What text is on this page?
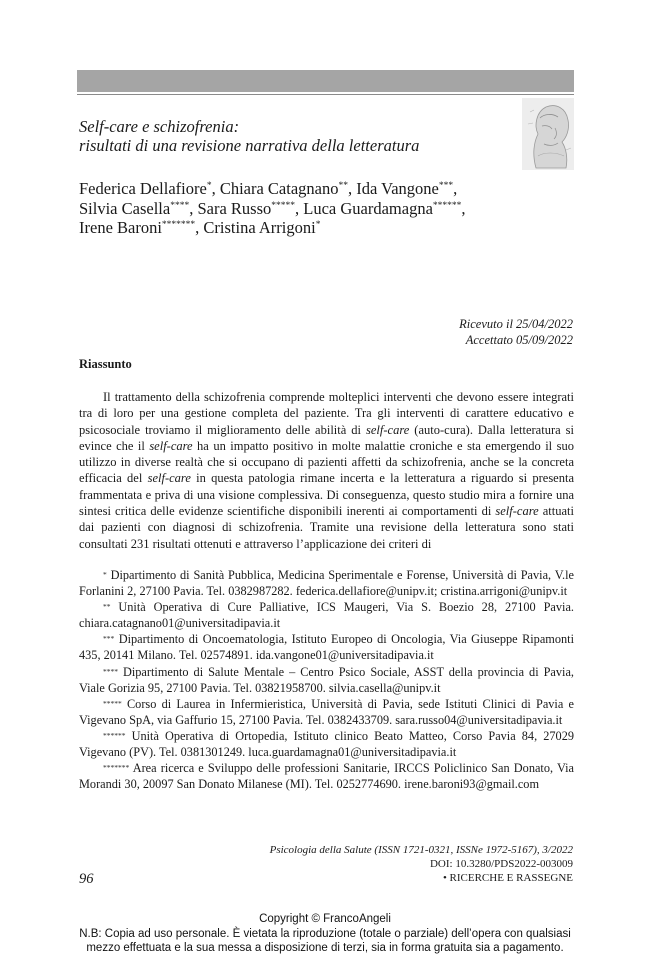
Self-care e schizofrenia:
risultati di una revisione narrativa della letteratura
Federica Dellafiore*, Chiara Catagnano**, Ida Vangone***,
Silvia Casella****, Sara Russo*****, Luca Guardamagna******,
Irene Baroni*******, Cristina Arrigoni*
Ricevuto il 25/04/2022
Accettato 05/09/2022
Riassunto
Il trattamento della schizofrenia comprende molteplici interventi che devono essere integrati tra di loro per una gestione completa del paziente. Tra gli interventi di carattere educativo e psicosociale troviamo il miglioramento delle abilità di self-care (auto-cura). Dalla letteratura si evince che il self-care ha un impatto positivo in molte malattie croniche e sta emergendo il suo utilizzo in diverse realtà che si occupano di pazienti affetti da schizofrenia, anche se la concreta efficacia del self-care in questa patologia rimane incerta e la letteratura a riguardo si presenta frammentata e priva di una visione complessiva. Di conseguenza, questo studio mira a fornire una sintesi critica delle evidenze scientifiche disponibili inerenti ai comportamenti di self-care attuati dai pazienti con diagnosi di schizofrenia. Tramite una revisione della letteratura sono stati consultati 231 risultati ottenuti e attraverso l’applicazione dei criteri di

* Dipartimento di Sanità Pubblica, Medicina Sperimentale e Forense, Università di Pavia, V.le Forlanini 2, 27100 Pavia. Tel. 0382987282. federica.dellafiore@unipv.it; cristina.arrigoni@unipv.it

** Unità Operativa di Cure Palliative, ICS Maugeri, Via S. Boezio 28, 27100 Pavia. chiara.catagnano01@universitadipavia.it

*** Dipartimento di Oncoematologia, Istituto Europeo di Oncologia, Via Giuseppe Ripamonti 435, 20141 Milano. Tel. 02574891. ida.vangone01@universitadipavia.it

**** Dipartimento di Salute Mentale – Centro Psico Sociale, ASST della provincia di Pavia, Viale Gorizia 95, 27100 Pavia. Tel. 03821958700. silvia.casella@unipv.it

***** Corso di Laurea in Infermieristica, Università di Pavia, sede Istituti Clinici di Pavia e Vigevano SpA, via Gaffurio 15, 27100 Pavia. Tel. 0382433709. sara.russo04@universitadipavia.it

****** Unità Operativa di Ortopedia, Istituto clinico Beato Matteo, Corso Pavia 84, 27029 Vigevano (PV). Tel. 0381301249. luca.guardamagna01@universitadipavia.it

******* Area ricerca e Sviluppo delle professioni Sanitarie, IRCCS Policlinico San Donato, Via Morandi 30, 20097 San Donato Milanese (MI). Tel. 0252774690. irene.baroni93@gmail.com

Psicologia della Salute (ISSN 1721-0321, ISSNe 1972-5167), 3/2022
DOI: 10.3280/PDS2022-003009
• RICERCHE E RASSEGNE
96
Copyright © FrancoAngeli
N.B: Copia ad uso personale. È vietata la riproduzione (totale o parziale) dell’opera con qualsiasi
mezzo effettuata e la sua messa a disposizione di terzi, sia in forma gratuita sia a pagamento.
